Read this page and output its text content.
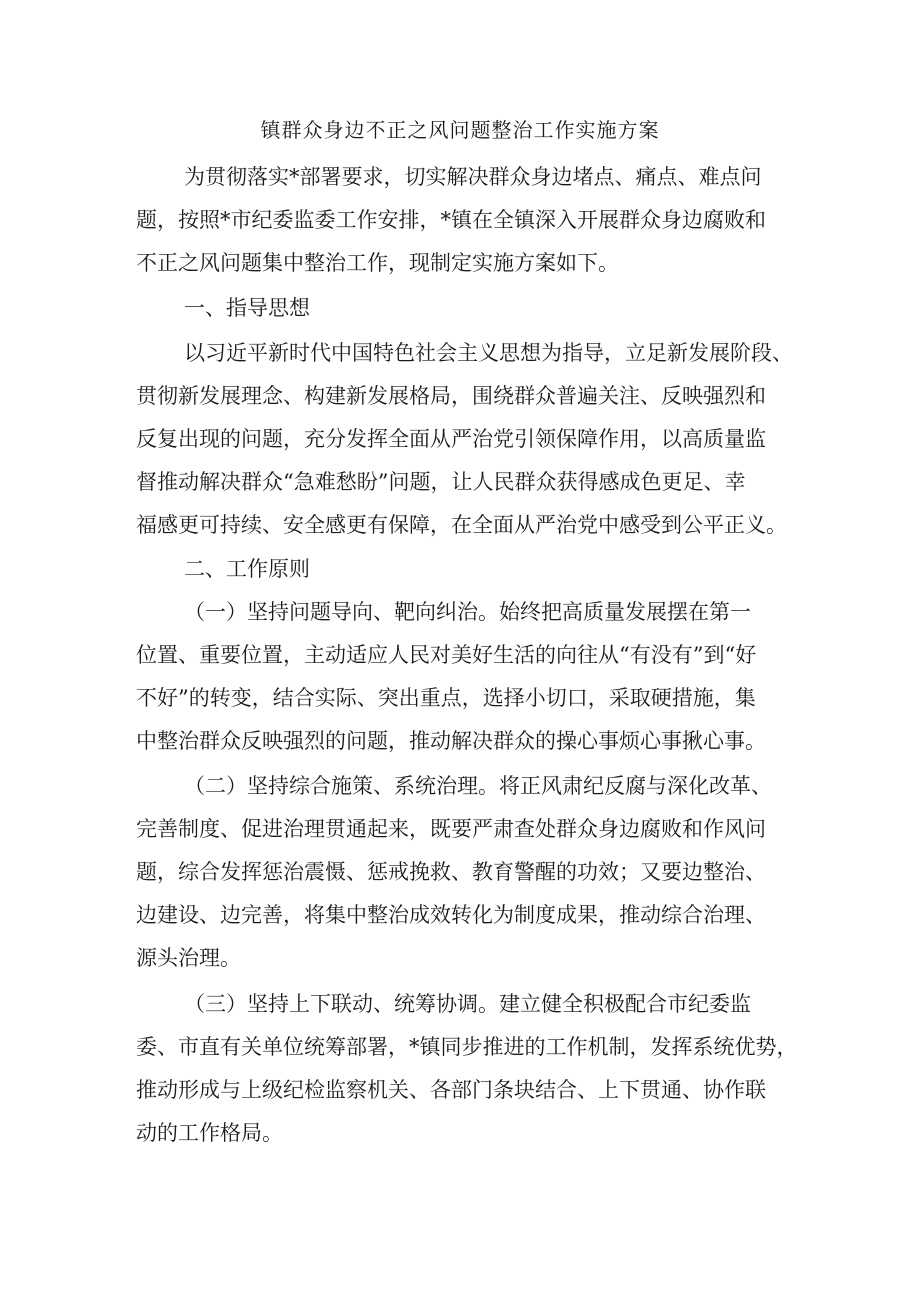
镇群众身边不正之风问题整治工作实施方案
为贯彻落实*部署要求，切实解决群众身边堵点、痛点、难点问
题，按照*市纪委监委工作安排，*镇在全镇深入开展群众身边腐败和
不正之风问题集中整治工作，现制定实施方案如下。
一、指导思想
以习近平新时代中国特色社会主义思想为指导，立足新发展阶段、
贯彻新发展理念、构建新发展格局，围绕群众普遍关注、反映强烈和
反复出现的问题，充分发挥全面从严治党引领保障作用，以高质量监
督推动解决群众“急难愁盼”问题，让人民群众获得感成色更足、幸
福感更可持续、安全感更有保障，在全面从严治党中感受到公平正义。
二、工作原则
（一）坚持问题导向、靶向纠治。始终把高质量发展摆在第一
位置、重要位置，主动适应人民对美好生活的向往从“有没有”到“好
不好”的转变，结合实际、突出重点，选择小切口，采取硬措施，集
中整治群众反映强烈的问题，推动解决群众的操心事烦心事揪心事。
（二）坚持综合施策、系统治理。将正风肃纪反腐与深化改革、
完善制度、促进治理贯通起来，既要严肃查处群众身边腐败和作风问
题，综合发挥惩治震慑、惩戒挽救、教育警醒的功效；又要边整治、
边建设、边完善，将集中整治成效转化为制度成果，推动综合治理、
源头治理。
（三）坚持上下联动、统筹协调。建立健全积极配合市纪委监
委、市直有关单位统筹部署，*镇同步推进的工作机制，发挥系统优势，
推动形成与上级纪检监察机关、各部门条块结合、上下贯通、协作联
动的工作格局。
